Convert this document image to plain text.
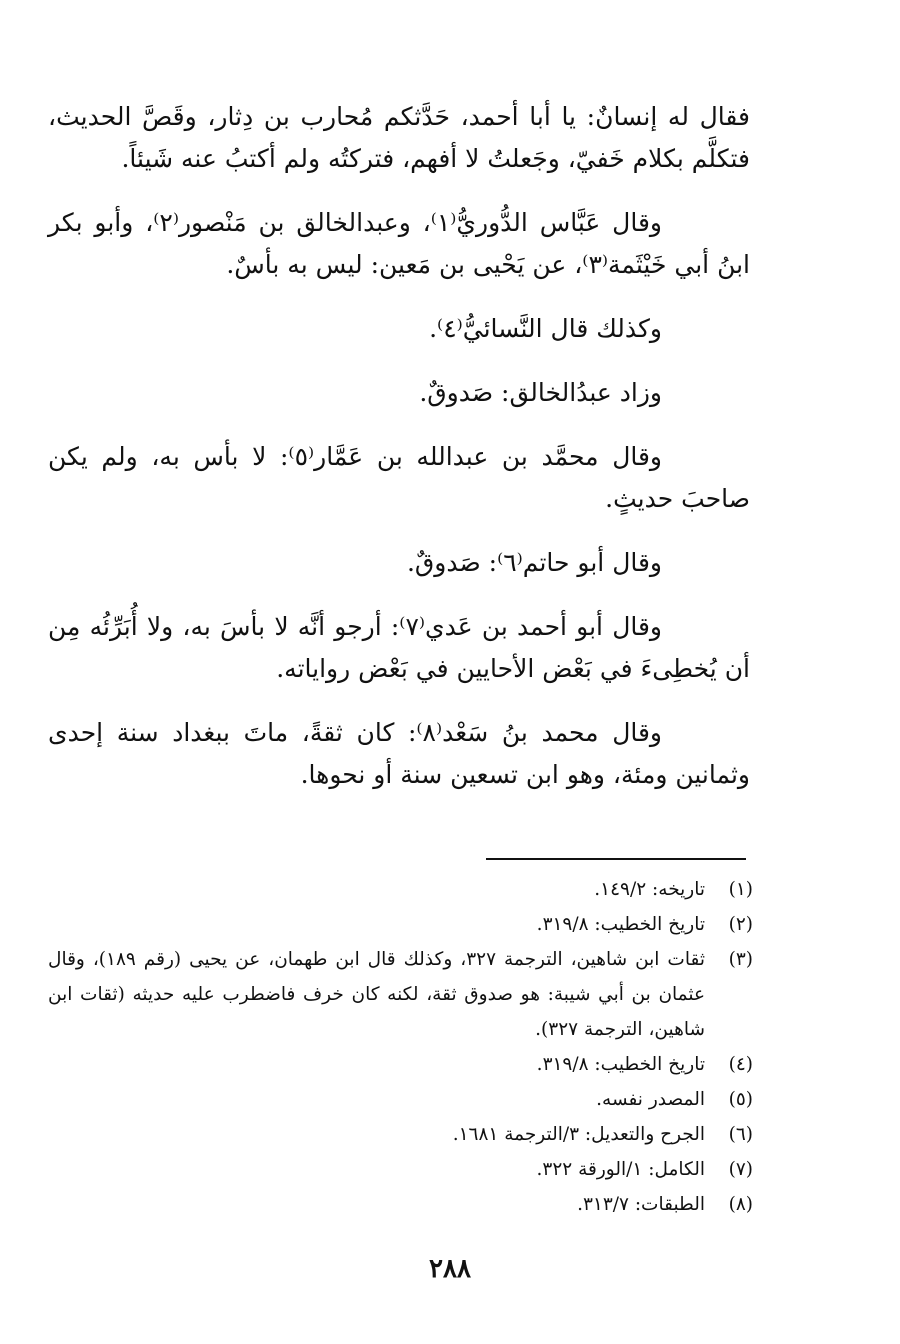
فقال له إنسانٌ: يا أبا أحمد، حَدَّثكم مُحارب بن دِثار، وقَصَّ الحديث، فتكلَّم بكلام خَفيّ، وجَعلتُ لا أفهم، فتركتُه ولم أكتبُ عنه شَيئاً.

وقال عَبَّاس الدُّوريُّ⁽١⁾، وعبدالخالق بن مَنْصور⁽٢⁾، وأبو بكر ابنُ أبي خَيْثَمة⁽٣⁾، عن يَحْيى بن مَعين: ليس به بأسٌ.

وكذلك قال النَّسائيُّ⁽٤⁾.

وزاد عبدُالخالق: صَدوقٌ.

وقال محمَّد بن عبدالله بن عَمَّار⁽٥⁾: لا بأس به، ولم يكن صاحبَ حديثٍ.

وقال أبو حاتم⁽٦⁾: صَدوقٌ.

وقال أبو أحمد بن عَدي⁽٧⁾: أرجو أنَّه لا بأسَ به، ولا أُبَرِّئُه مِن أن يُخطِىءَ في بَعْض الأحايين في بَعْض رواياته.

وقال محمد بنُ سَعْد⁽٨⁾: كان ثقةً، ماتَ ببغداد سنة إحدى وثمانين ومئة، وهو ابن تسعين سنة أو نحوها.

(١)
تاريخه: ١٤٩/٢.
(٢)
تاريخ الخطيب: ٣١٩/٨.
(٣)
ثقات ابن شاهين، الترجمة ٣٢٧، وكذلك قال ابن طهمان، عن يحيى (رقم ١٨٩)، وقال عثمان بن أبي شيبة: هو صدوق ثقة، لكنه كان خرف فاضطرب عليه حديثه (ثقات ابن شاهين، الترجمة ٣٢٧).
(٤)
تاريخ الخطيب: ٣١٩/٨.
(٥)
المصدر نفسه.
(٦)
الجرح والتعديل: ٣/الترجمة ١٦٨١.
(٧)
الكامل: ١/الورقة ٣٢٢.
(٨)
الطبقات: ٣١٣/٧.
٢٨٨
